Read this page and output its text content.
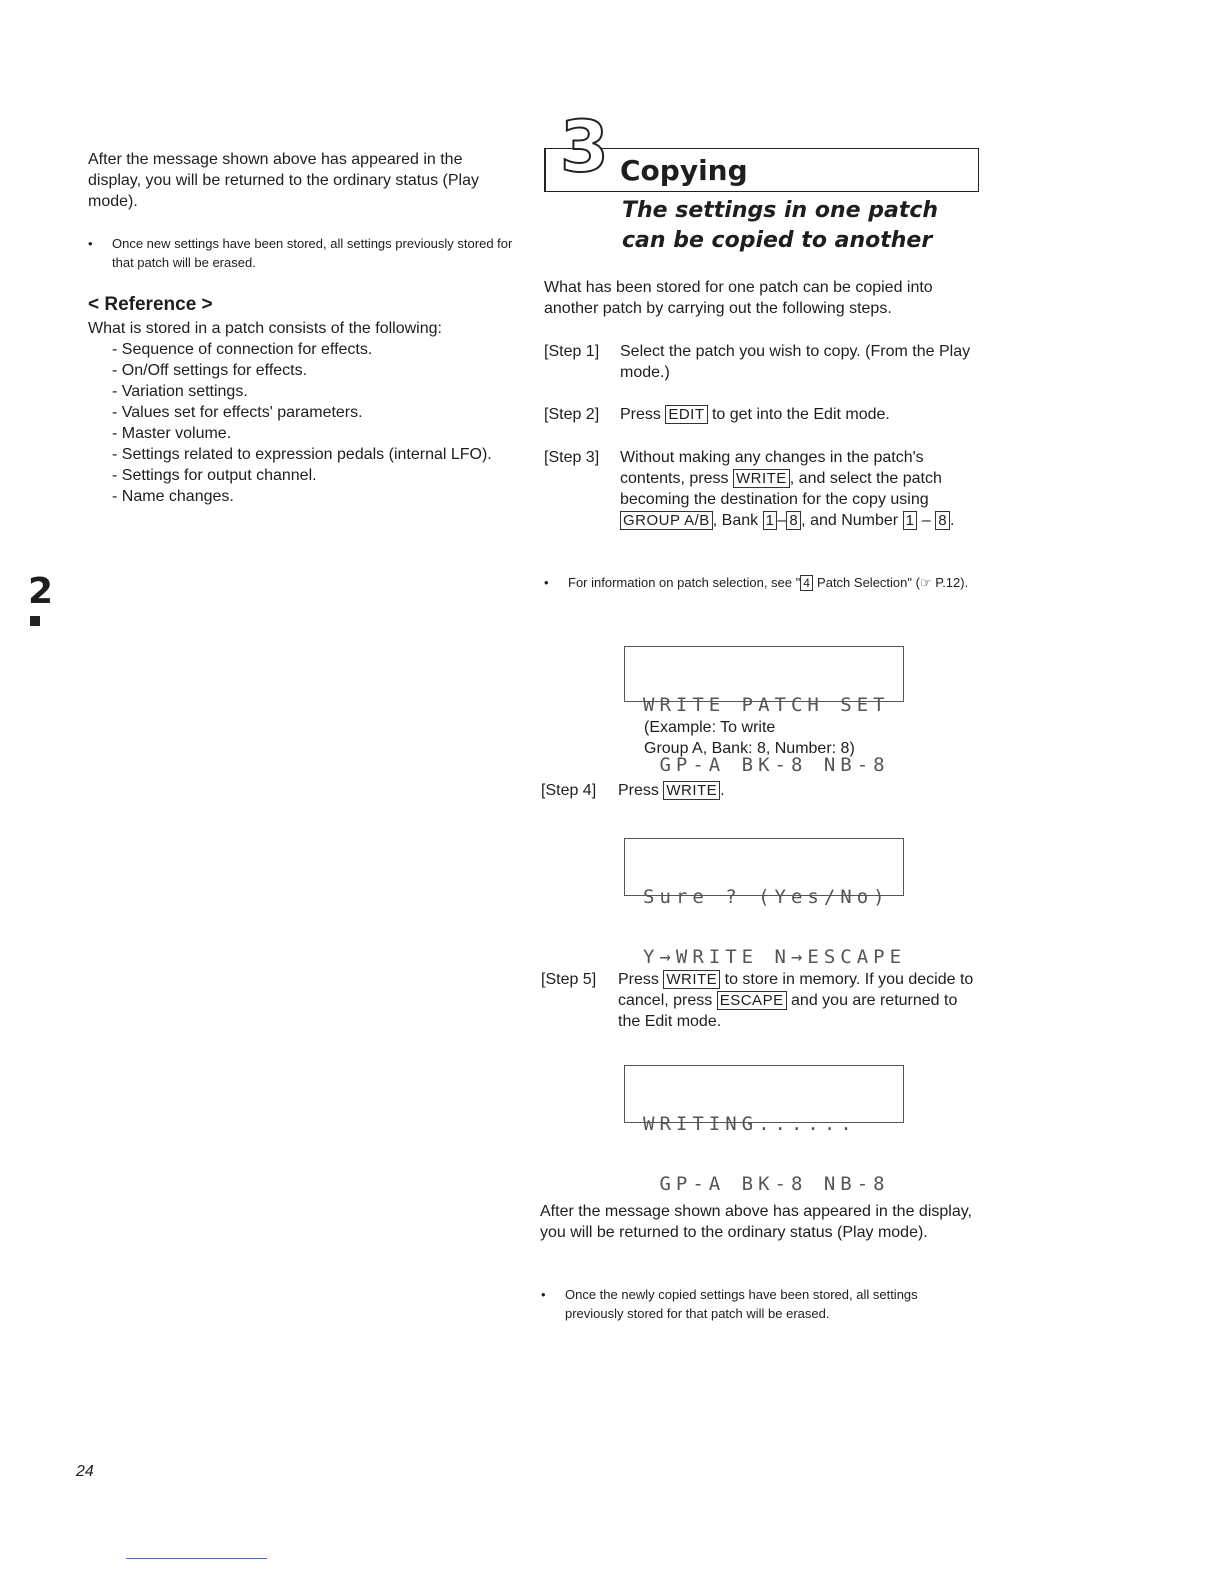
After the message shown above has appeared in the display, you will be returned to the ordinary status (Play mode).

• Once new settings have been stored, all settings previously stored for that patch will be erased.
< Reference >

What is stored in a patch consists of the following:

- Sequence of connection for effects.
- On/Off settings for effects.
- Variation settings.
- Values set for effects' parameters.
- Master volume.
- Settings related to expression pedals (internal LFO).
- Settings for output channel.
- Name changes.
2
3 Copying
The settings in one patch can be copied to another

What has been stored for one patch can be copied into another patch by carrying out the following steps.

[Step 1] Select the patch you wish to copy. (From the Play mode.)
[Step 2] Press EDIT to get into the Edit mode.
[Step 3] Without making any changes in the patch's contents, press WRITE , and select the patch becoming the destination for the copy using GROUP A/B , Bank 1 – 8 , and Number 1 – 8 .
• For information on patch selection, see " 4 Patch Selection" (☞ P.12).

WRITE PATCH SET

GP-A BK-8 NB-8

(Example: To write
Group A, Bank: 8, Number: 8)
[Step 4] Press WRITE .

Sure ? (Yes/No)

Y→WRITE N→ESCAPE

[Step 5] Press WRITE to store in memory. If you decide to cancel, press ESCAPE and you are returned to the Edit mode.

WRITING......

GP-A BK-8 NB-8

After the message shown above has appeared in the display, you will be returned to the ordinary status (Play mode).

• Once the newly copied settings have been stored, all settings previously stored for that patch will be erased.
24
